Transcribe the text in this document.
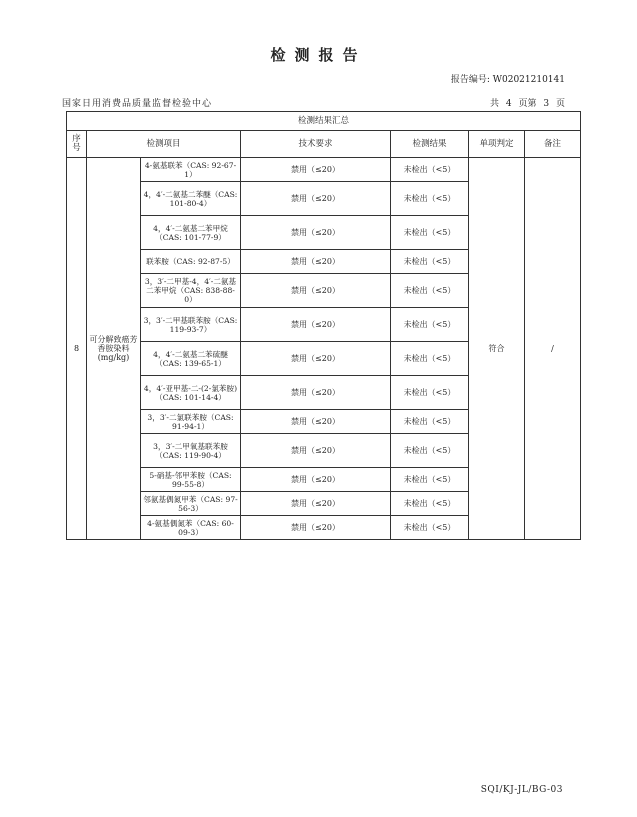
检测报告
报告编号: W02021210141
国家日用消费品质量监督检验中心	共 4 页第 3 页
检测结果汇总						
序号	检测项目		技术要求	检测结果	单项判定	备注
8	可分解致癌芳香胺染料(mg/kg)	4-氨基联苯（CAS: 92-67-1）	禁用（≤20）	未检出（<5）	符合	/
		4，4′-二氨基二苯醚（CAS: 101-80-4）	禁用（≤20）	未检出（<5）		
		4，4′-二氨基二苯甲烷（CAS: 101-77-9）	禁用（≤20）	未检出（<5）		
		联苯胺（CAS: 92-87-5）	禁用（≤20）	未检出（<5）		
		3，3′-二甲基-4，4′-二氨基二苯甲烷（CAS: 838-88-0）	禁用（≤20）	未检出（<5）		
		3，3′-二甲基联苯胺（CAS: 119-93-7）	禁用（≤20）	未检出（<5）		
		4，4′-二氨基二苯硫醚（CAS: 139-65-1）	禁用（≤20）	未检出（<5）		
		4，4′-亚甲基-二-(2-氯苯胺)（CAS: 101-14-4）	禁用（≤20）	未检出（<5）		
		3，3′-二氯联苯胺（CAS: 91-94-1）	禁用（≤20）	未检出（<5）		
		3，3′-二甲氧基联苯胺（CAS: 119-90-4）	禁用（≤20）	未检出（<5）		
		5-硝基-邻甲苯胺（CAS: 99-55-8）	禁用（≤20）	未检出（<5）		
		邻氨基偶氮甲苯（CAS: 97-56-3）	禁用（≤20）	未检出（<5）		
		4-氨基偶氮苯（CAS: 60-09-3）	禁用（≤20）	未检出（<5）		
SQI/KJ-JL/BG-03
